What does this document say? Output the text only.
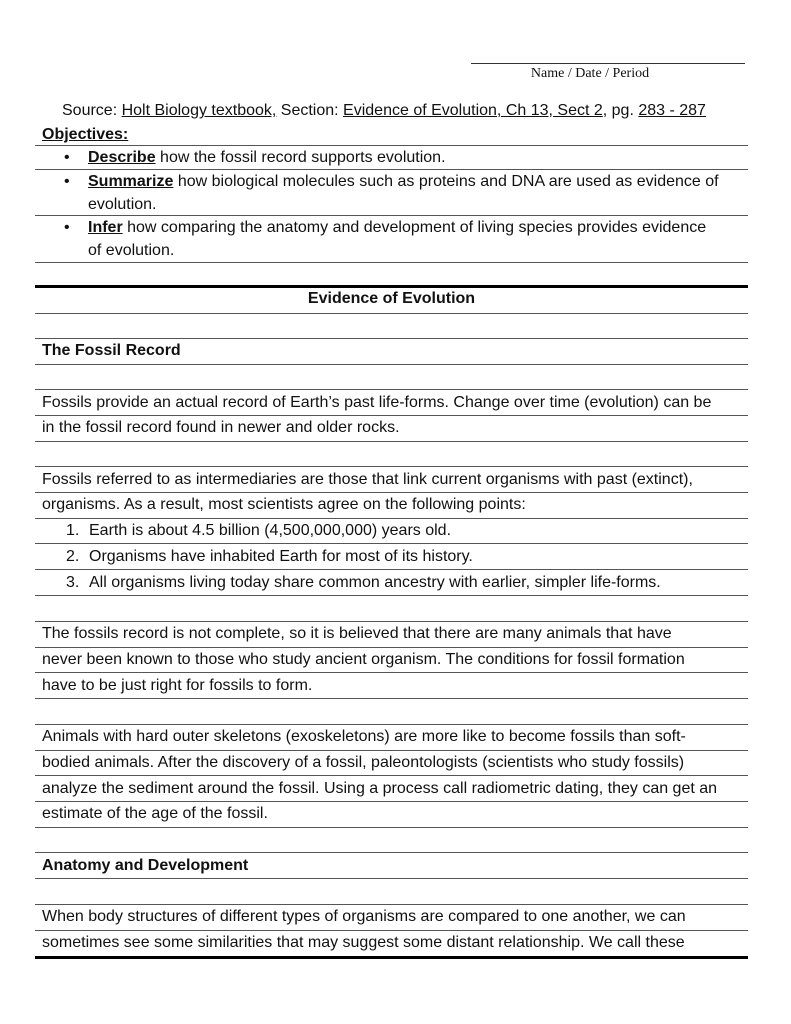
Name / Date / Period
Source: Holt Biology textbook, Section: Evidence of Evolution, Ch 13, Sect 2, pg. 283 - 287
Objectives:
• Describe how the fossil record supports evolution.
• Summarize how biological molecules such as proteins and DNA are used as evidence of
evolution.
• Infer how comparing the anatomy and development of living species provides evidence
of evolution.
Evidence of Evolution
The Fossil Record
Fossils provide an actual record of Earth’s past life-forms. Change over time (evolution) can be
in the fossil record found in newer and older rocks.
Fossils referred to as intermediaries are those that link current organisms with past (extinct),
organisms. As a result, most scientists agree on the following points:
1. Earth is about 4.5 billion (4,500,000,000) years old.
2. Organisms have inhabited Earth for most of its history.
3. All organisms living today share common ancestry with earlier, simpler life-forms.
The fossils record is not complete, so it is believed that there are many animals that have
never been known to those who study ancient organism. The conditions for fossil formation
have to be just right for fossils to form.
Animals with hard outer skeletons (exoskeletons) are more like to become fossils than soft-
bodied animals. After the discovery of a fossil, paleontologists (scientists who study fossils)
analyze the sediment around the fossil. Using a process call radiometric dating, they can get an
estimate of the age of the fossil.
Anatomy and Development
When body structures of different types of organisms are compared to one another, we can
sometimes see some similarities that may suggest some distant relationship. We call these
